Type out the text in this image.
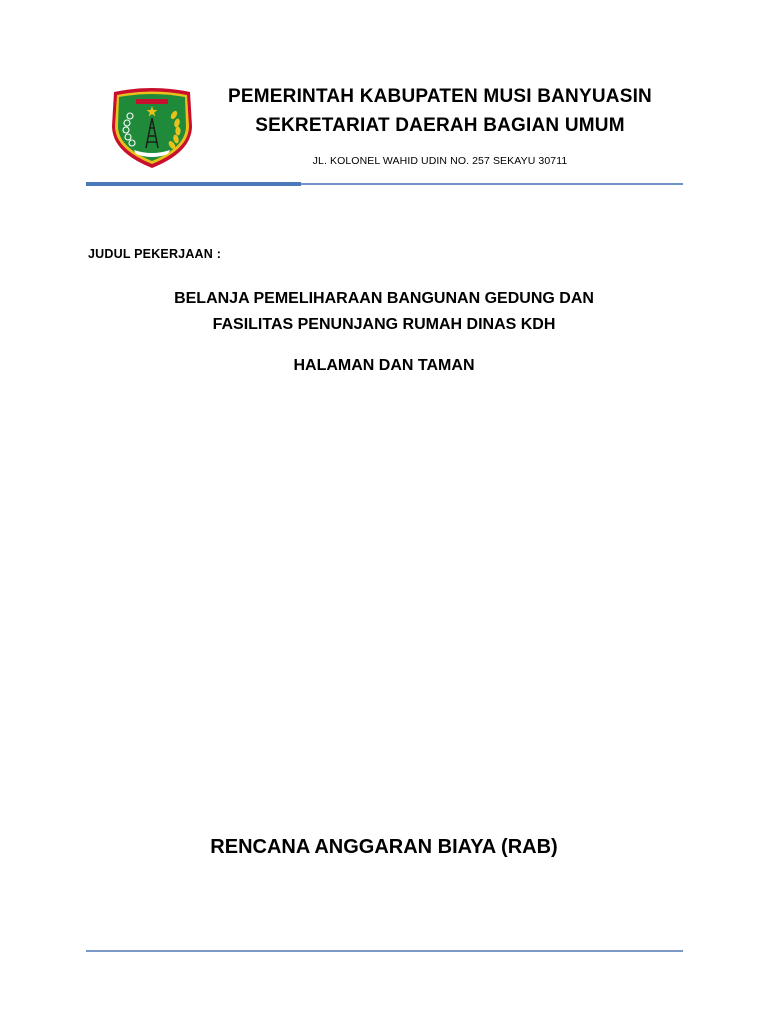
PEMERINTAH KABUPATEN MUSI BANYUASIN
SEKRETARIAT DAERAH BAGIAN UMUM
JL. KOLONEL WAHID UDIN NO. 257 SEKAYU 30711
JUDUL PEKERJAAN :
BELANJA PEMELIHARAAN BANGUNAN GEDUNG DAN
FASILITAS PENUNJANG RUMAH DINAS KDH
HALAMAN DAN TAMAN
RENCANA ANGGARAN BIAYA (RAB)
